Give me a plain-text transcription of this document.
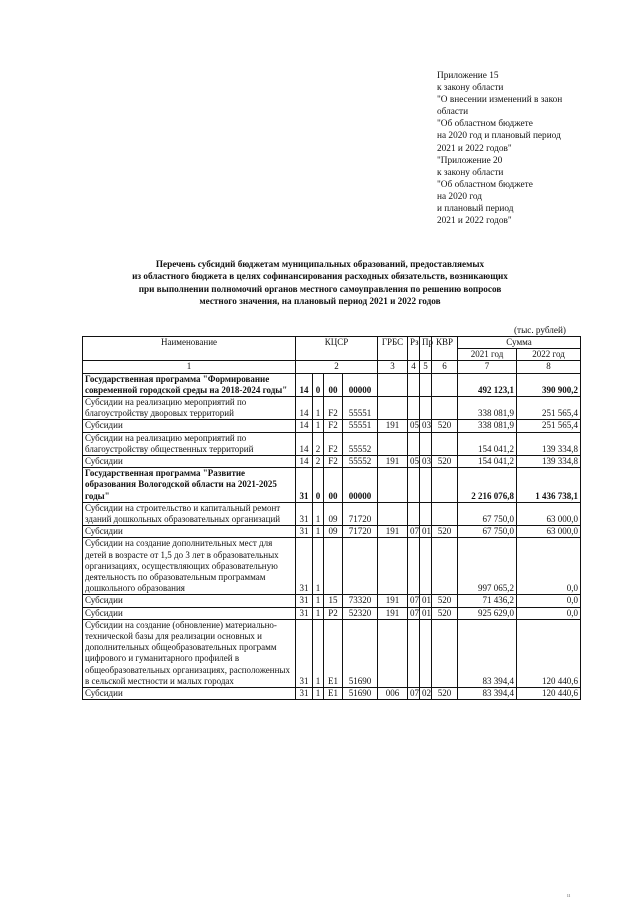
Приложение 15
к закону области
"О внесении изменений в закон
области
"Об областном бюджете
на 2020 год и плановый период
2021 и 2022 годов"
"Приложение 20
к закону области
"Об областном бюджете
на 2020 год
и плановый период
2021 и 2022 годов"
Перечень субсидий бюджетам муниципальных образований, предоставляемых
из областного бюджета в целях софинансирования расходных обязательств, возникающих
при выполнении полномочий органов местного самоуправления по решению вопросов
местного значения, на плановый период 2021 и 2022 годов
(тыс. рублей)
Наименование	КЦСР				ГРБС	Рз	Пр	КВР	Сумма	
									2021 год	2022 год
1	2				3	4	5	6	7	8
Государственная программа "Формирование современной городской среды на 2018-2024 годы"	14	0	00	00000					492 123,1	390 900,2
Субсидии на реализацию мероприятий по благоустройству дворовых территорий	14	1	F2	55551					338 081,9	251 565,4
Субсидии	14	1	F2	55551	191	05	03	520	338 081,9	251 565,4
Субсидии на реализацию мероприятий по благоустройству общественных территорий	14	2	F2	55552					154 041,2	139 334,8
Субсидии	14	2	F2	55552	191	05	03	520	154 041,2	139 334,8
Государственная программа "Развитие образования Вологодской области на 2021-2025 годы"	31	0	00	00000					2 216 076,8	1 436 738,1
Субсидии на строительство и капитальный ремонт зданий дошкольных образовательных организаций	31	1	09	71720					67 750,0	63 000,0
Субсидии	31	1	09	71720	191	07	01	520	67 750,0	63 000,0
Субсидии на создание дополнительных мест для детей в возрасте от 1,5 до 3 лет в образовательных организациях, осуществляющих образовательную деятельность по образовательным программам дошкольного образования	31	1							997 065,2	0,0
Субсидии	31	1	15	73320	191	07	01	520	71 436,2	0,0
Субсидии	31	1	P2	52320	191	07	01	520	925 629,0	0,0
Субсидии на создание (обновление) материально-технической базы для реализации основных и дополнительных общеобразовательных программ цифрового и гуманитарного профилей в общеобразовательных организациях, расположенных в сельской местности и малых городах	31	1	E1	51690					83 394,4	120 440,6
Субсидии	31	1	E1	51690	006	07	02	520	83 394,4	120 440,6
ıı
